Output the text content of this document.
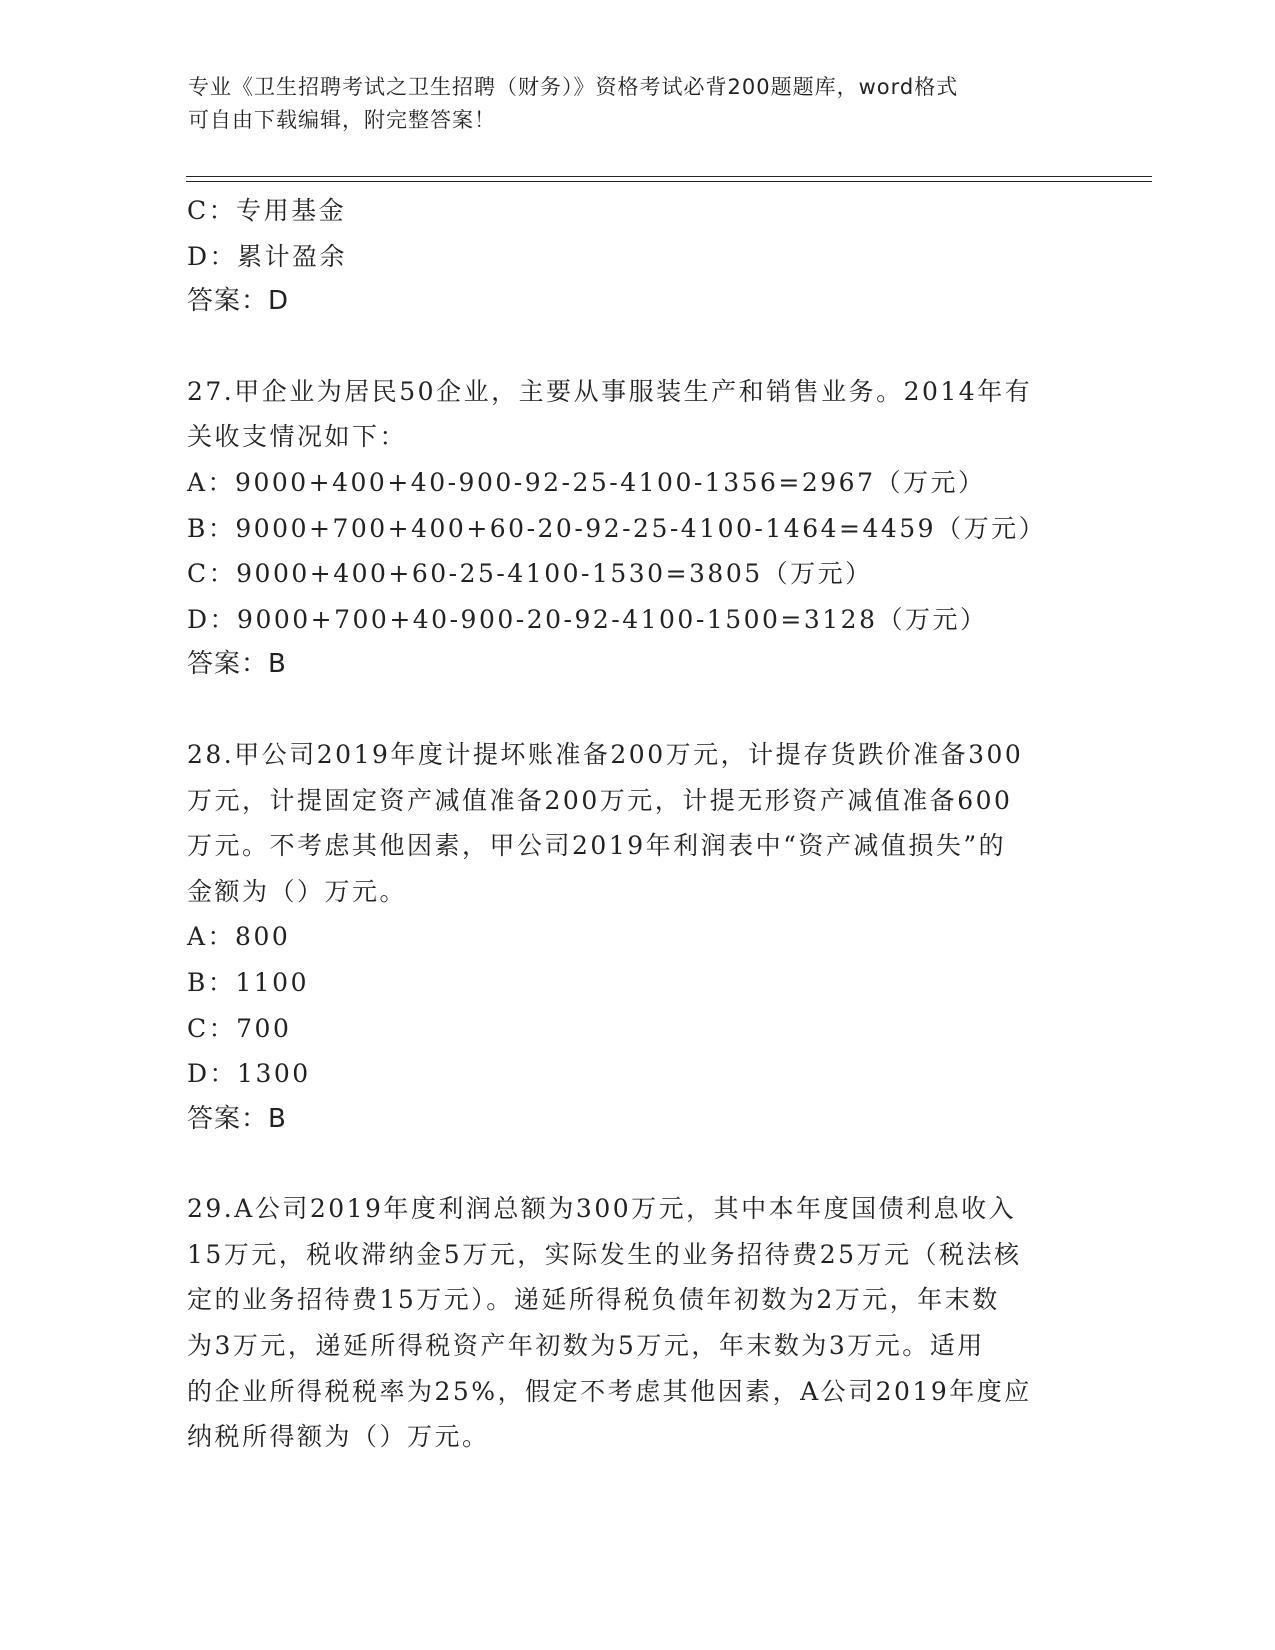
专业《卫生招聘考试之卫生招聘（财务）》资格考试必背200题题库，word格式
可自由下载编辑，附完整答案！
C：专用基金
D：累计盈余
答案：D
27.甲企业为居民50企业，主要从事服装生产和销售业务。2014年有
关收支情况如下：
A：9000+400+40-900-92-25-4100-1356=2967（万元）
B：9000+700+400+60-20-92-25-4100-1464=4459（万元）
C：9000+400+60-25-4100-1530=3805（万元）
D：9000+700+40-900-20-92-4100-1500=3128（万元）
答案：B
28.甲公司2019年度计提坏账准备200万元，计提存货跌价准备300
万元，计提固定资产减值准备200万元，计提无形资产减值准备600
万元。不考虑其他因素，甲公司2019年利润表中“资产减值损失”的
金额为（）万元。
A：800
B：1100
C：700
D：1300
答案：B
29.A公司2019年度利润总额为300万元，其中本年度国债利息收入
15万元，税收滞纳金5万元，实际发生的业务招待费25万元（税法核
定的业务招待费15万元）。递延所得税负债年初数为2万元，年末数
为3万元，递延所得税资产年初数为5万元，年末数为3万元。适用
的企业所得税税率为25%，假定不考虑其他因素，A公司2019年度应
纳税所得额为（）万元。
